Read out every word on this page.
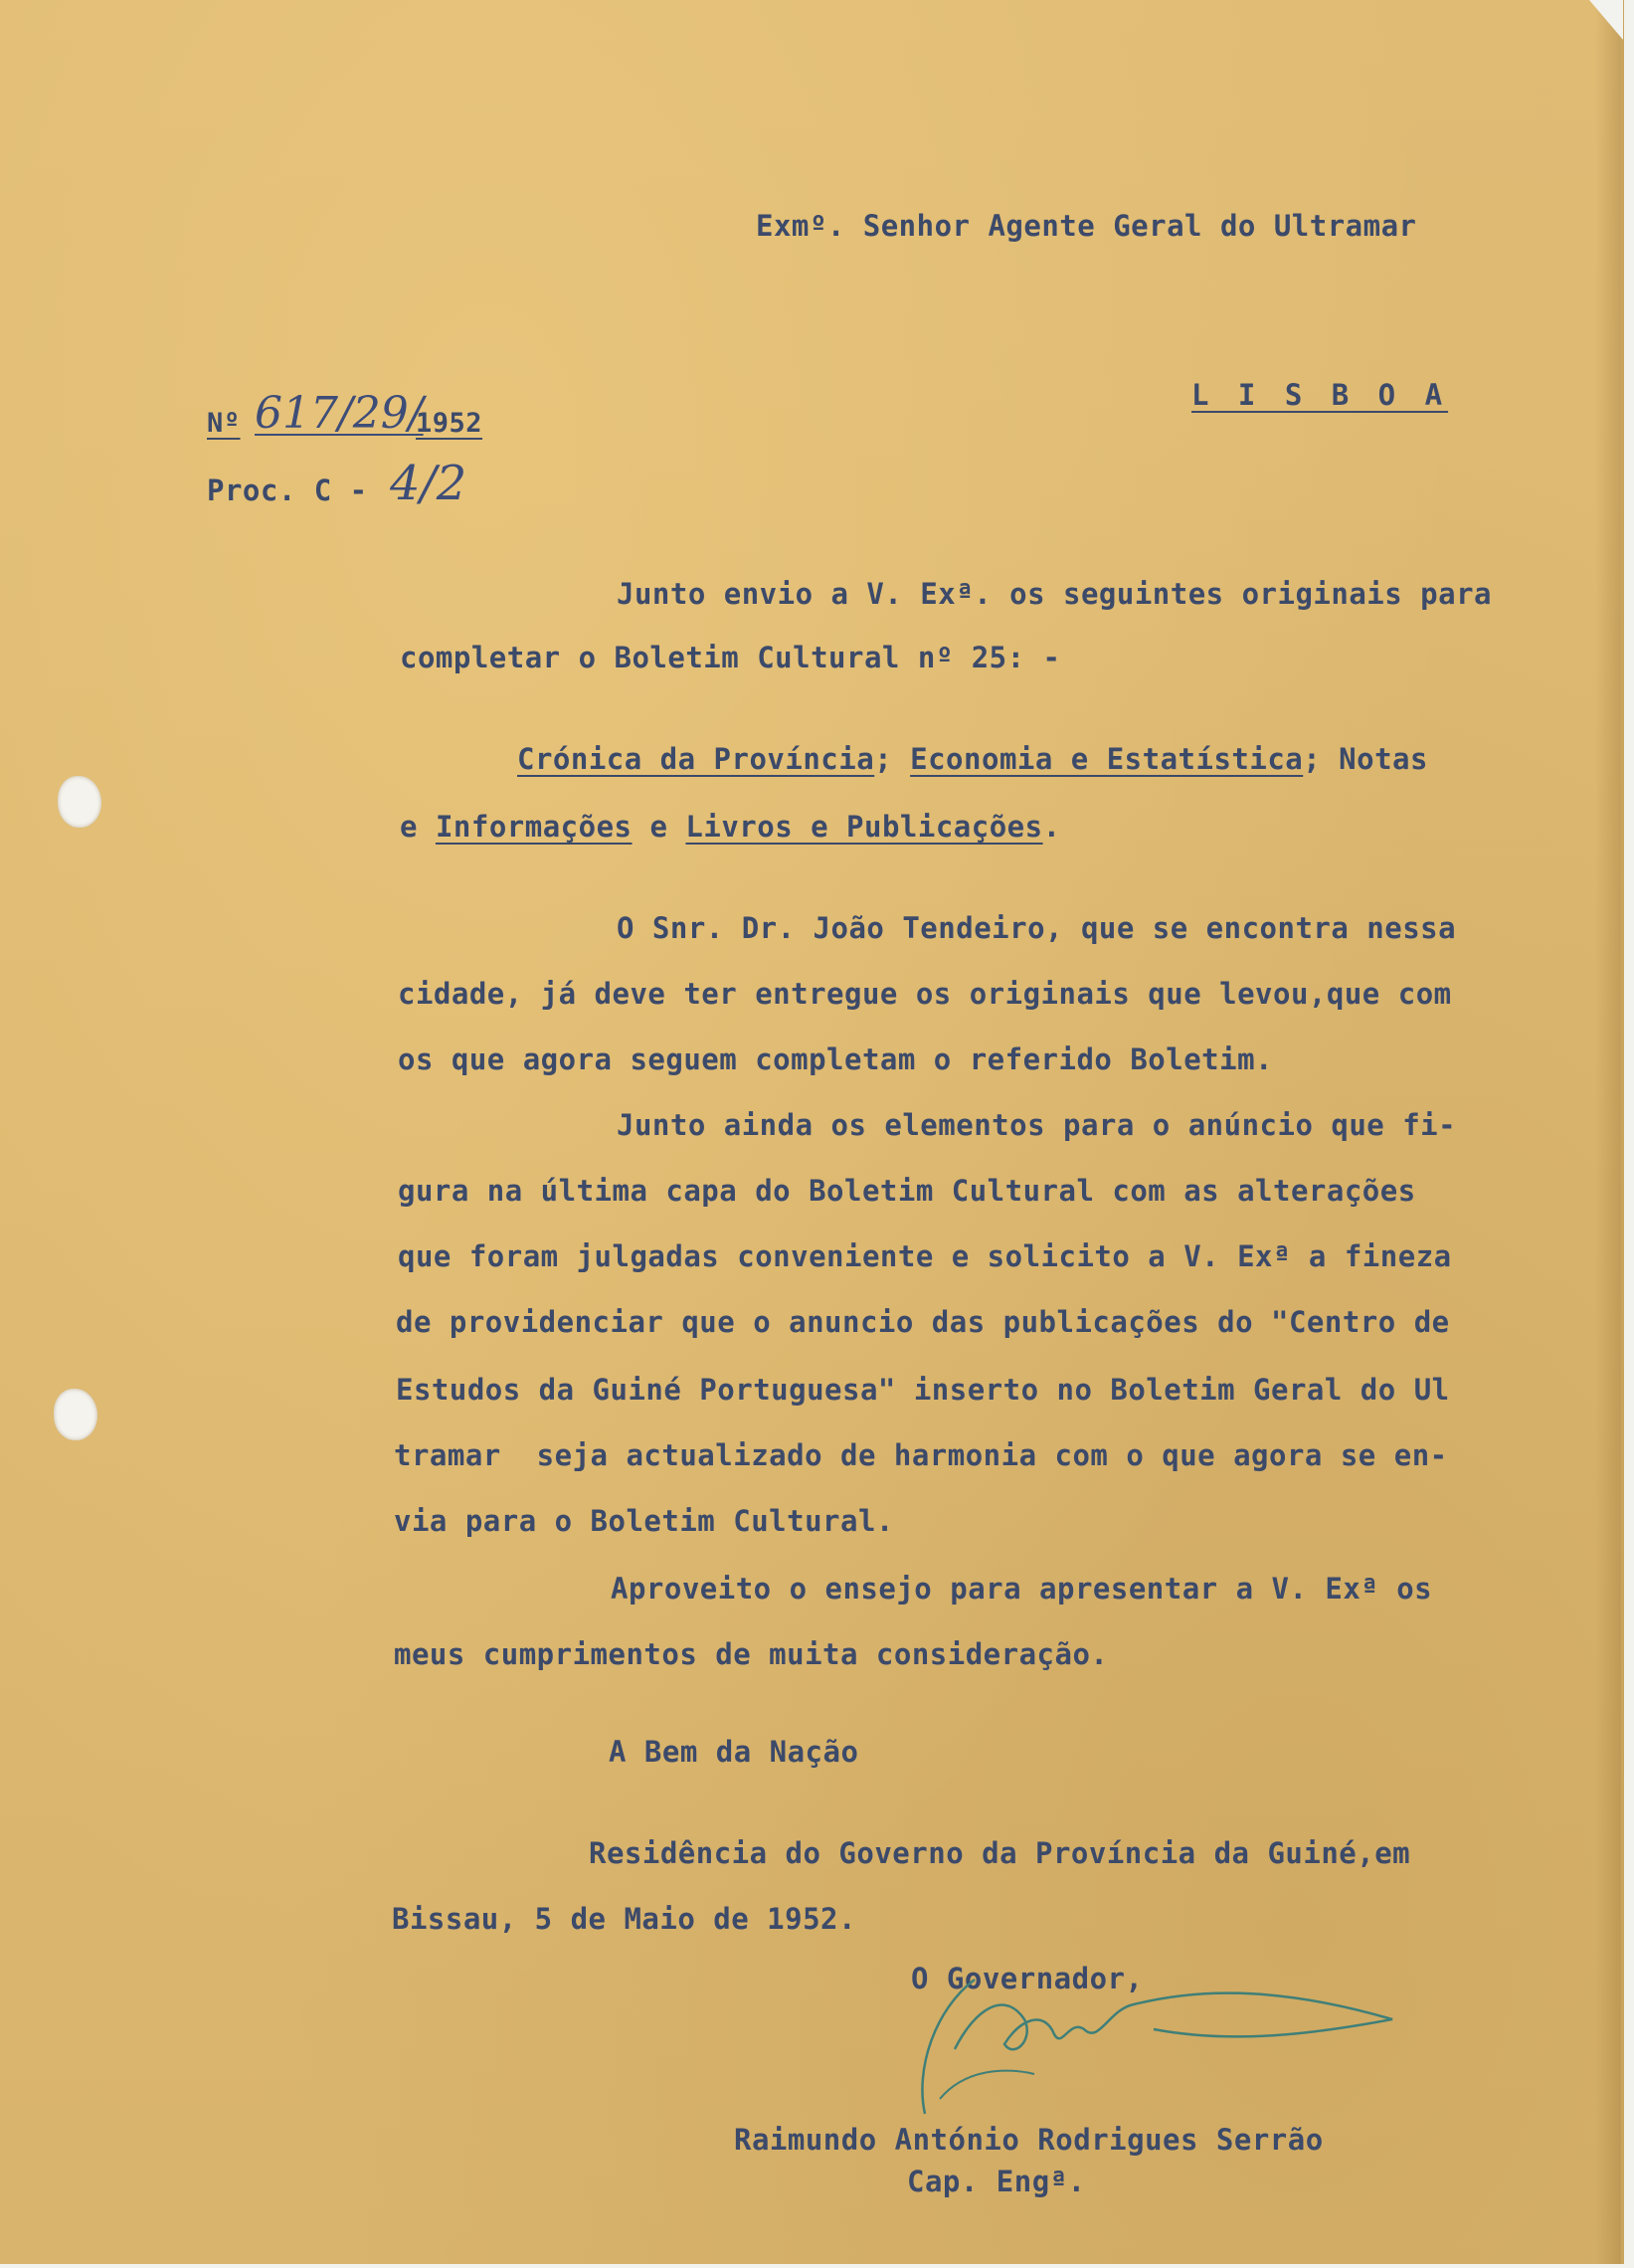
Exmº. Senhor Agente Geral do Ultramar

L I S B O A

Nº 617/29/
1952
Proc. C - 4/2

Junto envio a V. Exª. os seguintes originais para

completar o Boletim Cultural nº 25: -

Crónica da Província; Economia e Estatística; Notas

e Informações e Livros e Publicações.

O Snr. Dr. João Tendeiro, que se encontra nessa

cidade, já deve ter entregue os originais que levou,que com

os que agora seguem completam o referido Boletim.

Junto ainda os elementos para o anúncio que fi-

gura na última capa do Boletim Cultural com as alterações

que foram julgadas conveniente e solicito a V. Exª a fineza

de providenciar que o anuncio das publicações do "Centro de

Estudos da Guiné Portuguesa" inserto no Boletim Geral do Ul

tramar  seja actualizado de harmonia com o que agora se en-

via para o Boletim Cultural.

Aproveito o ensejo para apresentar a V. Exª os

meus cumprimentos de muita consideração.

A Bem da Nação

Residência do Governo da Província da Guiné,em

Bissau, 5 de Maio de 1952.

O Governador,

Raimundo António Rodrigues Serrão

Cap. Engª.
